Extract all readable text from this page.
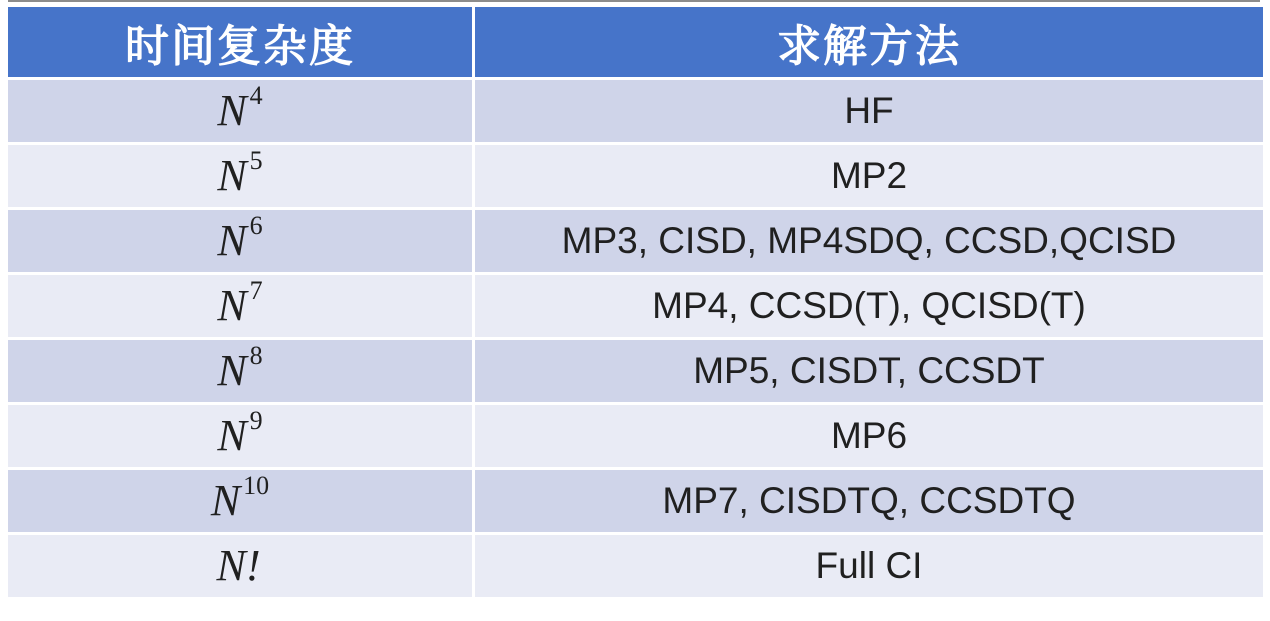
时间复杂度	求解方法
N 4	HF
N 5	MP2
N 6	MP3, CISD, MP4SDQ, CCSD,QCISD
N 7	MP4, CCSD(T), QCISD(T)
N 8	MP5, CISDT, CCSDT
N 9	MP6
N 10	MP7, CISDTQ, CCSDTQ
N!	Full CI
